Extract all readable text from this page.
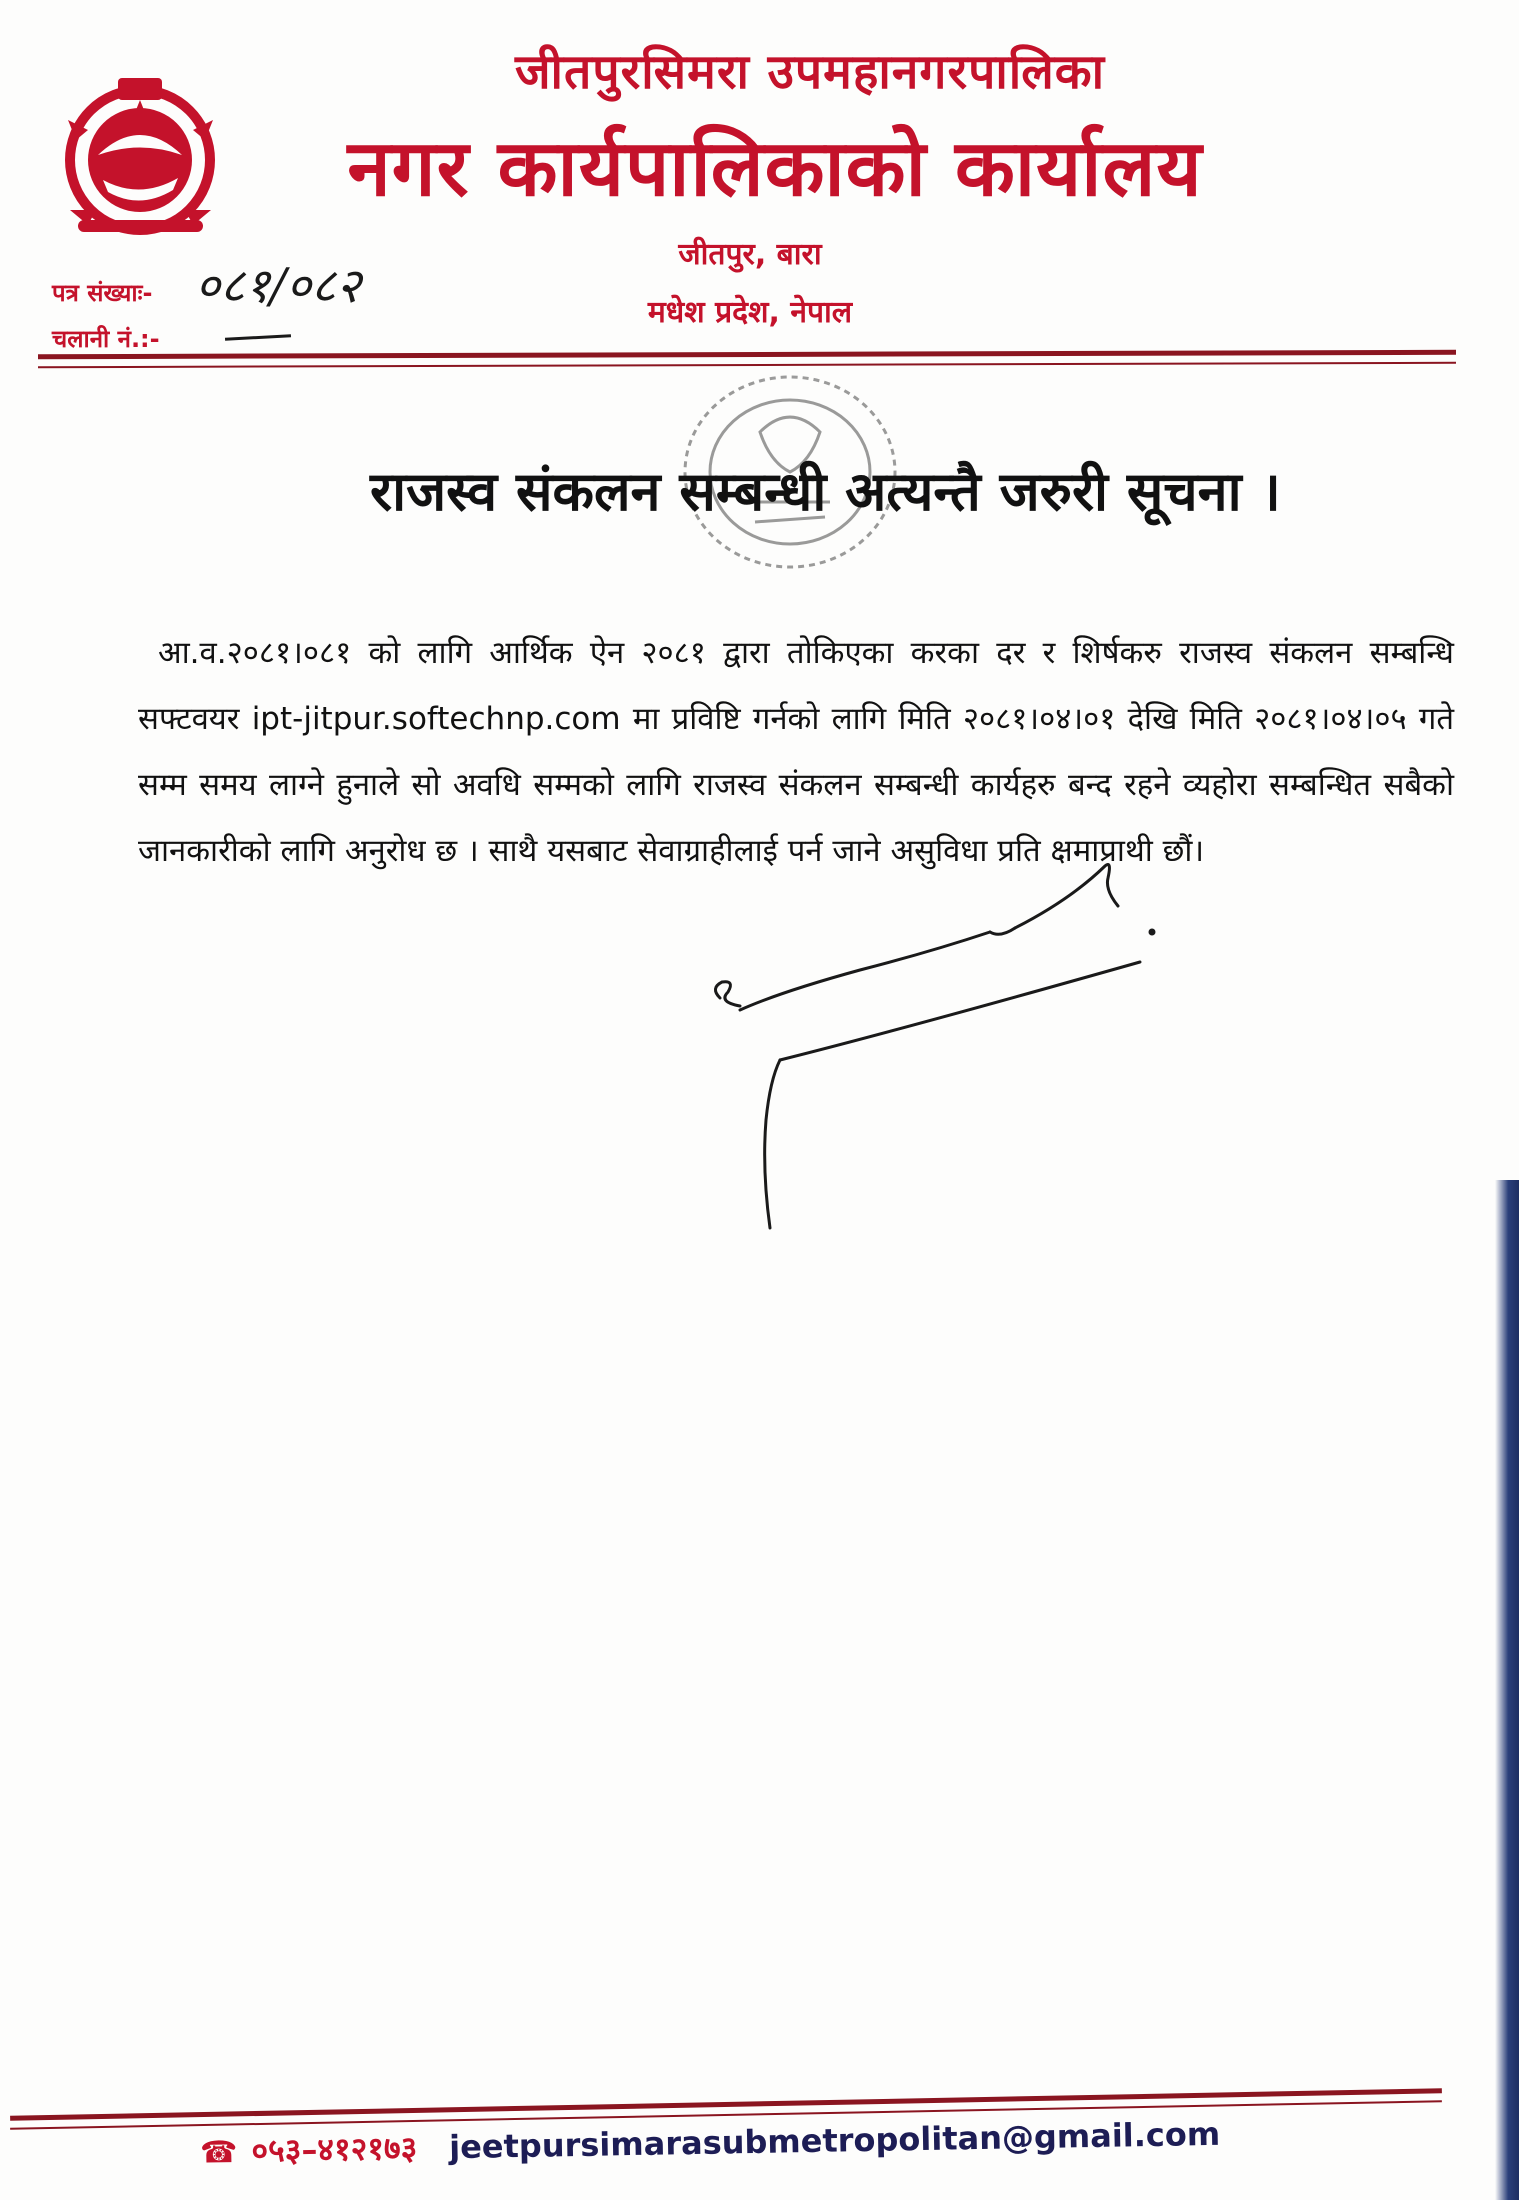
जीतपुरसिमरा उपमहानगरपालिका
नगर कार्यपालिकाको कार्यालय
जीतपुर, बारा
मधेश प्रदेश, नेपाल
पत्र संख्याः- ०८१/०८२
चलानी नं.:-
राजस्व संकलन सम्बन्धी अत्यन्तै जरुरी सूचना ।
आ.व.२०८१।०८१ को लागि आर्थिक ऐन २०८१ द्वारा तोकिएका करका दर र शिर्षकरु राजस्व संकलन सम्बन्धि सफ्टवयर ipt-jitpur.softechnp.com मा प्रविष्टि गर्नको लागि मिति २०८१।०४।०१ देखि मिति २०८१।०४।०५ गते सम्म समय लाग्ने हुनाले सो अवधि सम्मको लागि राजस्व संकलन सम्बन्धी कार्यहरु बन्द रहने व्यहोरा सम्बन्धित सबैको जानकारीको लागि अनुरोध छ । साथै यसबाट सेवाग्राहीलाई पर्न जाने असुविधा प्रति क्षमाप्राथी छौं।
☎ ०५३–४१२१७३ jeetpursimarasubmetropolitan@gmail.com
